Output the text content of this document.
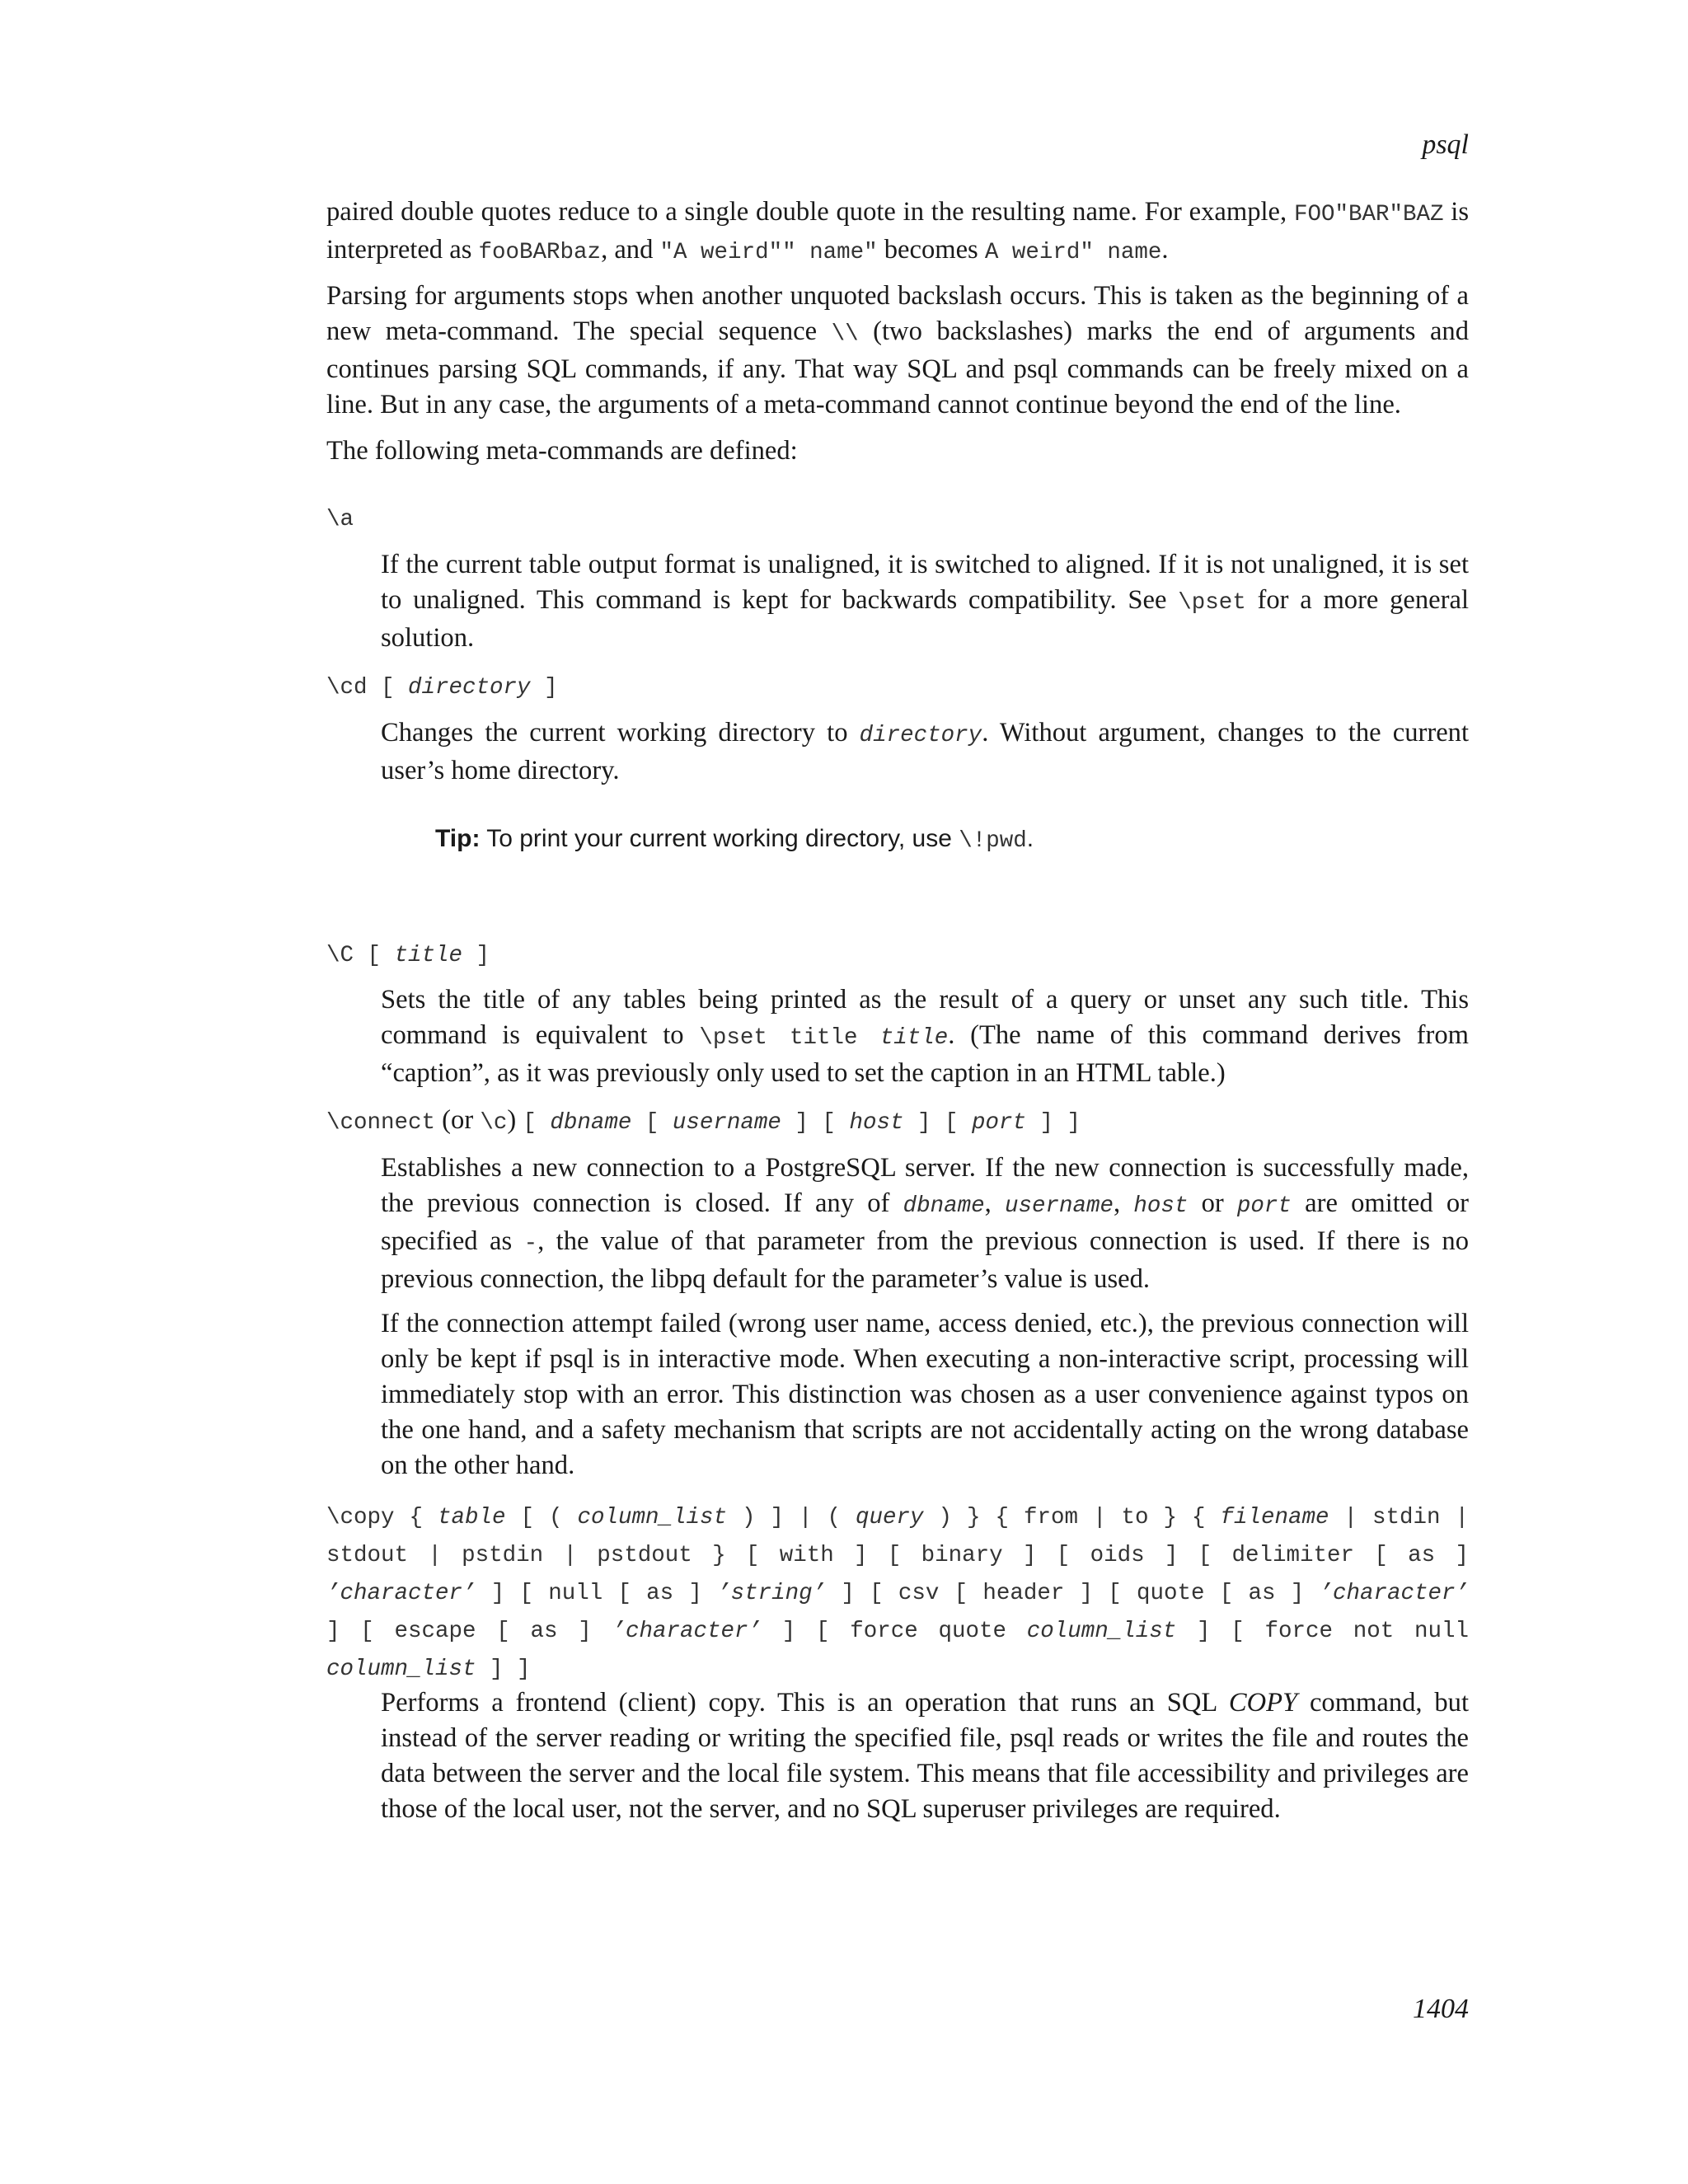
psql

paired double quotes reduce to a single double quote in the resulting name. For example, FOO"BAR"BAZ is interpreted as fooBARbaz, and "A weird"" name" becomes A weird" name.

Parsing for arguments stops when another unquoted backslash occurs. This is taken as the beginning of a new meta-command. The special sequence \\ (two backslashes) marks the end of arguments and continues parsing SQL commands, if any. That way SQL and psql commands can be freely mixed on a line. But in any case, the arguments of a meta-command cannot continue beyond the end of the line.

The following meta-commands are defined:

\a

If the current table output format is unaligned, it is switched to aligned. If it is not unaligned, it is set to unaligned. This command is kept for backwards compatibility. See \pset for a more general solution.

\cd [ directory ]

Changes the current working directory to directory. Without argument, changes to the current user’s home directory.

Tip: To print your current working directory, use \!pwd.
\C [ title ]

Sets the title of any tables being printed as the result of a query or unset any such title. This command is equivalent to \pset title title. (The name of this command derives from “caption”, as it was previously only used to set the caption in an HTML table.)

\connect (or \c) [ dbname [ username ] [ host ] [ port ] ]

Establishes a new connection to a PostgreSQL server. If the new connection is successfully made, the previous connection is closed. If any of dbname, username, host or port are omitted or specified as -, the value of that parameter from the previous connection is used. If there is no previous connection, the libpq default for the parameter’s value is used.

If the connection attempt failed (wrong user name, access denied, etc.), the previous connection will only be kept if psql is in interactive mode. When executing a non-interactive script, processing will immediately stop with an error. This distinction was chosen as a user convenience against typos on the one hand, and a safety mechanism that scripts are not accidentally acting on the wrong database on the other hand.

\copy { table [ ( column_list ) ] | ( query ) } { from | to } { filename | stdin | stdout | pstdin | pstdout } [ with ] [ binary ] [ oids ] [ delimiter [ as ] ’character’ ] [ null [ as ] ’string’ ] [ csv [ header ] [ quote [ as ] ’character’ ] [ escape [ as ] ’character’ ] [ force quote column_list ] [ force not null column_list ] ]

Performs a frontend (client) copy. This is an operation that runs an SQL COPY command, but instead of the server reading or writing the specified file, psql reads or writes the file and routes the data between the server and the local file system. This means that file accessibility and privileges are those of the local user, not the server, and no SQL superuser privileges are required.

1404
